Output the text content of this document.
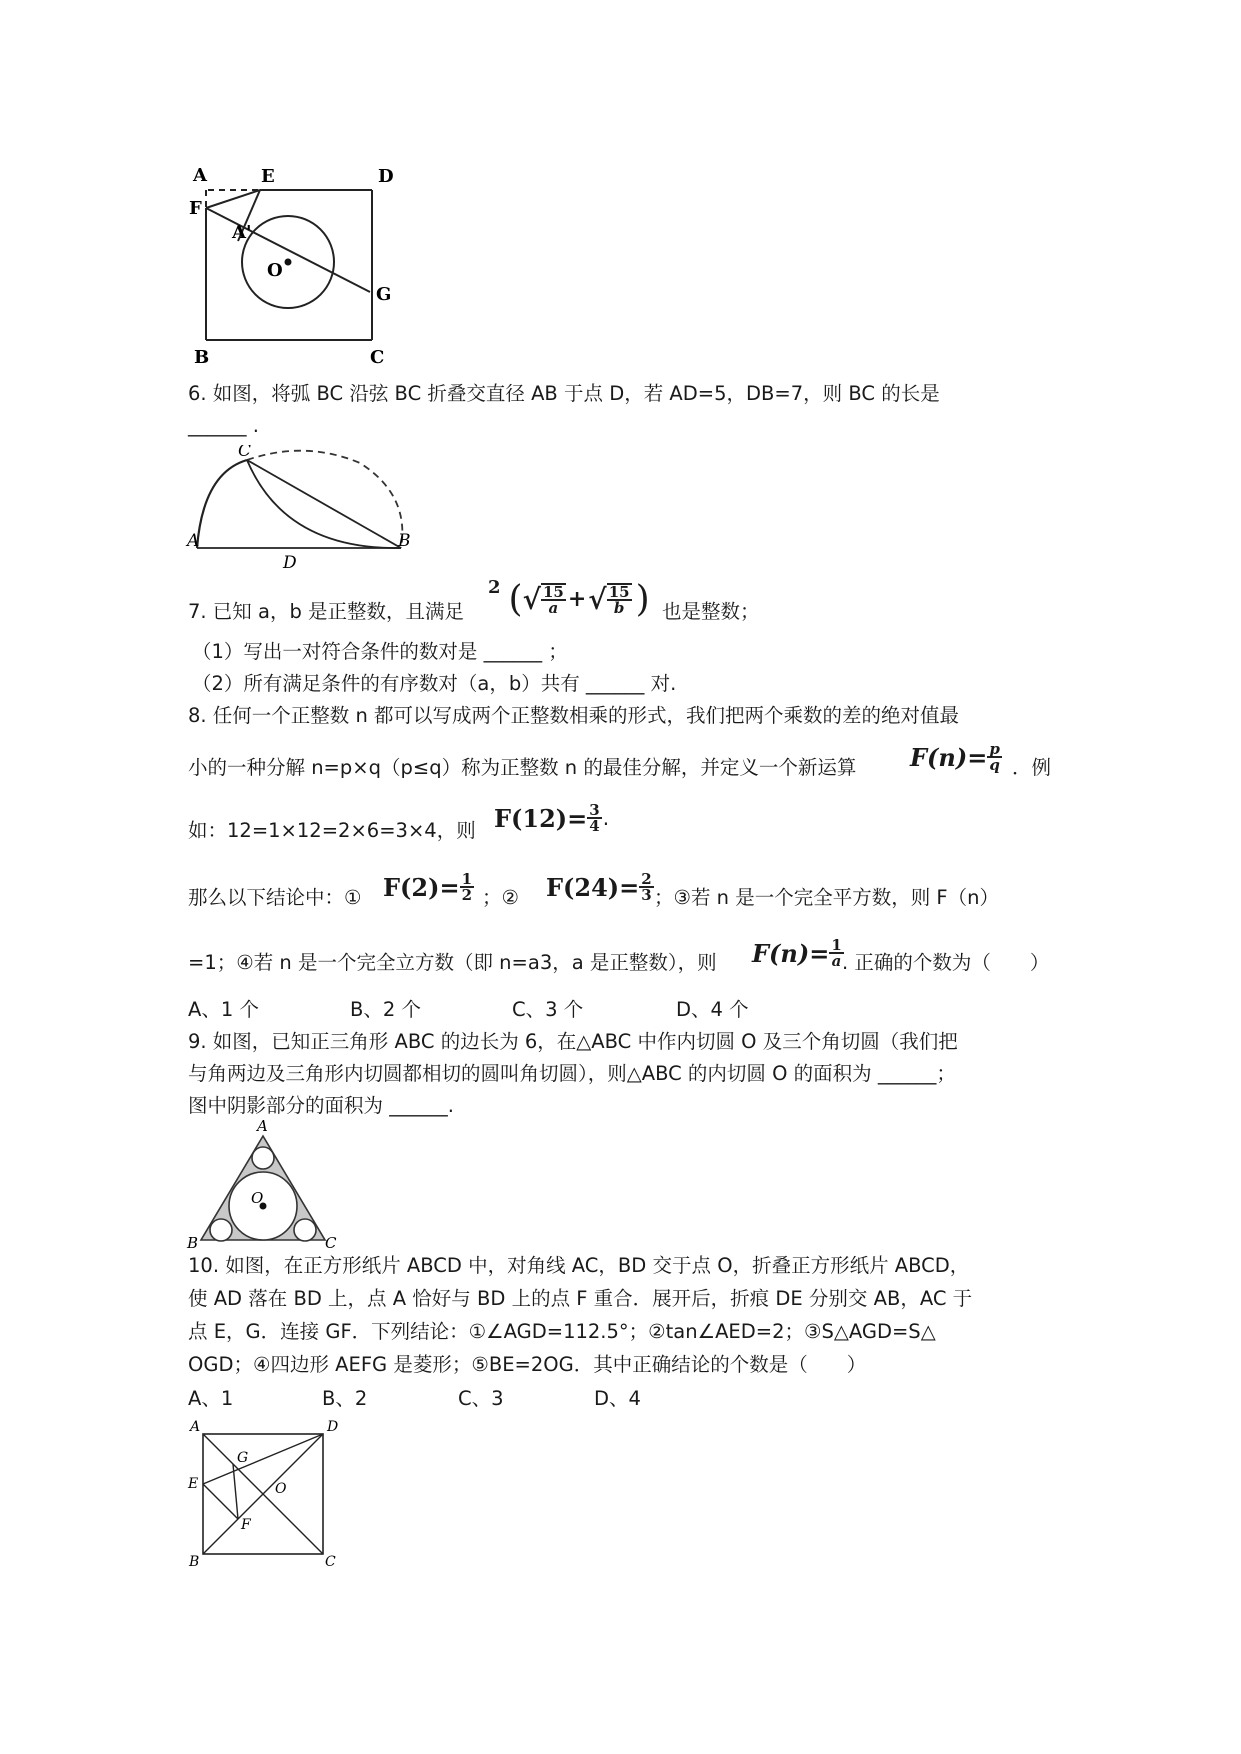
A	E	D
F
A'
O
G
B	C
6. 如图，将弧 BC 沿弦 BC 折叠交直径 AB 于点 D，若 AD=5，DB=7，则 BC 的长是
______ .
C
A
D
B
7. 已知 a，b 是正整数，且满足
2 ( √ $\frac{15}{a}$ + √ $\frac{15}{b}$ ) 也是整数；
（1）写出一对符合条件的数对是 ______ ；
（2）所有满足条件的有序数对（a，b）共有 ______ 对.
8. 任何一个正整数 n 都可以写成两个正整数相乘的形式，我们把两个乘数的差的绝对值最
小的一种分解 n=p×q（p≤q）称为正整数 n 的最佳分解，并定义一个新运算 $F(n)= \frac{p}{q}$ ．例
如：12=1×12=2×6=3×4，则 $F(12)= \frac{3}{4}$ .
那么以下结论中：① $F(2)= \frac{1}{2}$ ；② $F(24)= \frac{2}{3}$ ；③若 n 是一个完全平方数，则 F（n）
=1；④若 n 是一个完全立方数（即 n=a3，a 是正整数），则 $F(n)= \frac{1}{a}$
. 正确的个数为（　　）
A、1 个	B、2 个	C、3 个	D、4 个
9. 如图，已知正三角形 ABC 的边长为 6，在△ABC 中作内切圆 O 及三个角切圆（我们把
与角两边及三角形内切圆都相切的圆叫角切圆），则△ABC 的内切圆 O 的面积为 ______；
图中阴影部分的面积为 ______.
A
O
B	C
10. 如图，在正方形纸片 ABCD 中，对角线 AC，BD 交于点 O，折叠正方形纸片 ABCD，
使 AD 落在 BD 上，点 A 恰好与 BD 上的点 F 重合．展开后，折痕 DE 分别交 AB，AC 于
点 E，G．连接 GF．下列结论：①∠AGD=112.5°；②tan∠AED=2；③S△AGD=S△
OGD；④四边形 AEFG 是菱形；⑤BE=2OG．其中正确结论的个数是（　　）
A、1	B、2	C、3	D、4
A	D
G
E	O
F
B	C
